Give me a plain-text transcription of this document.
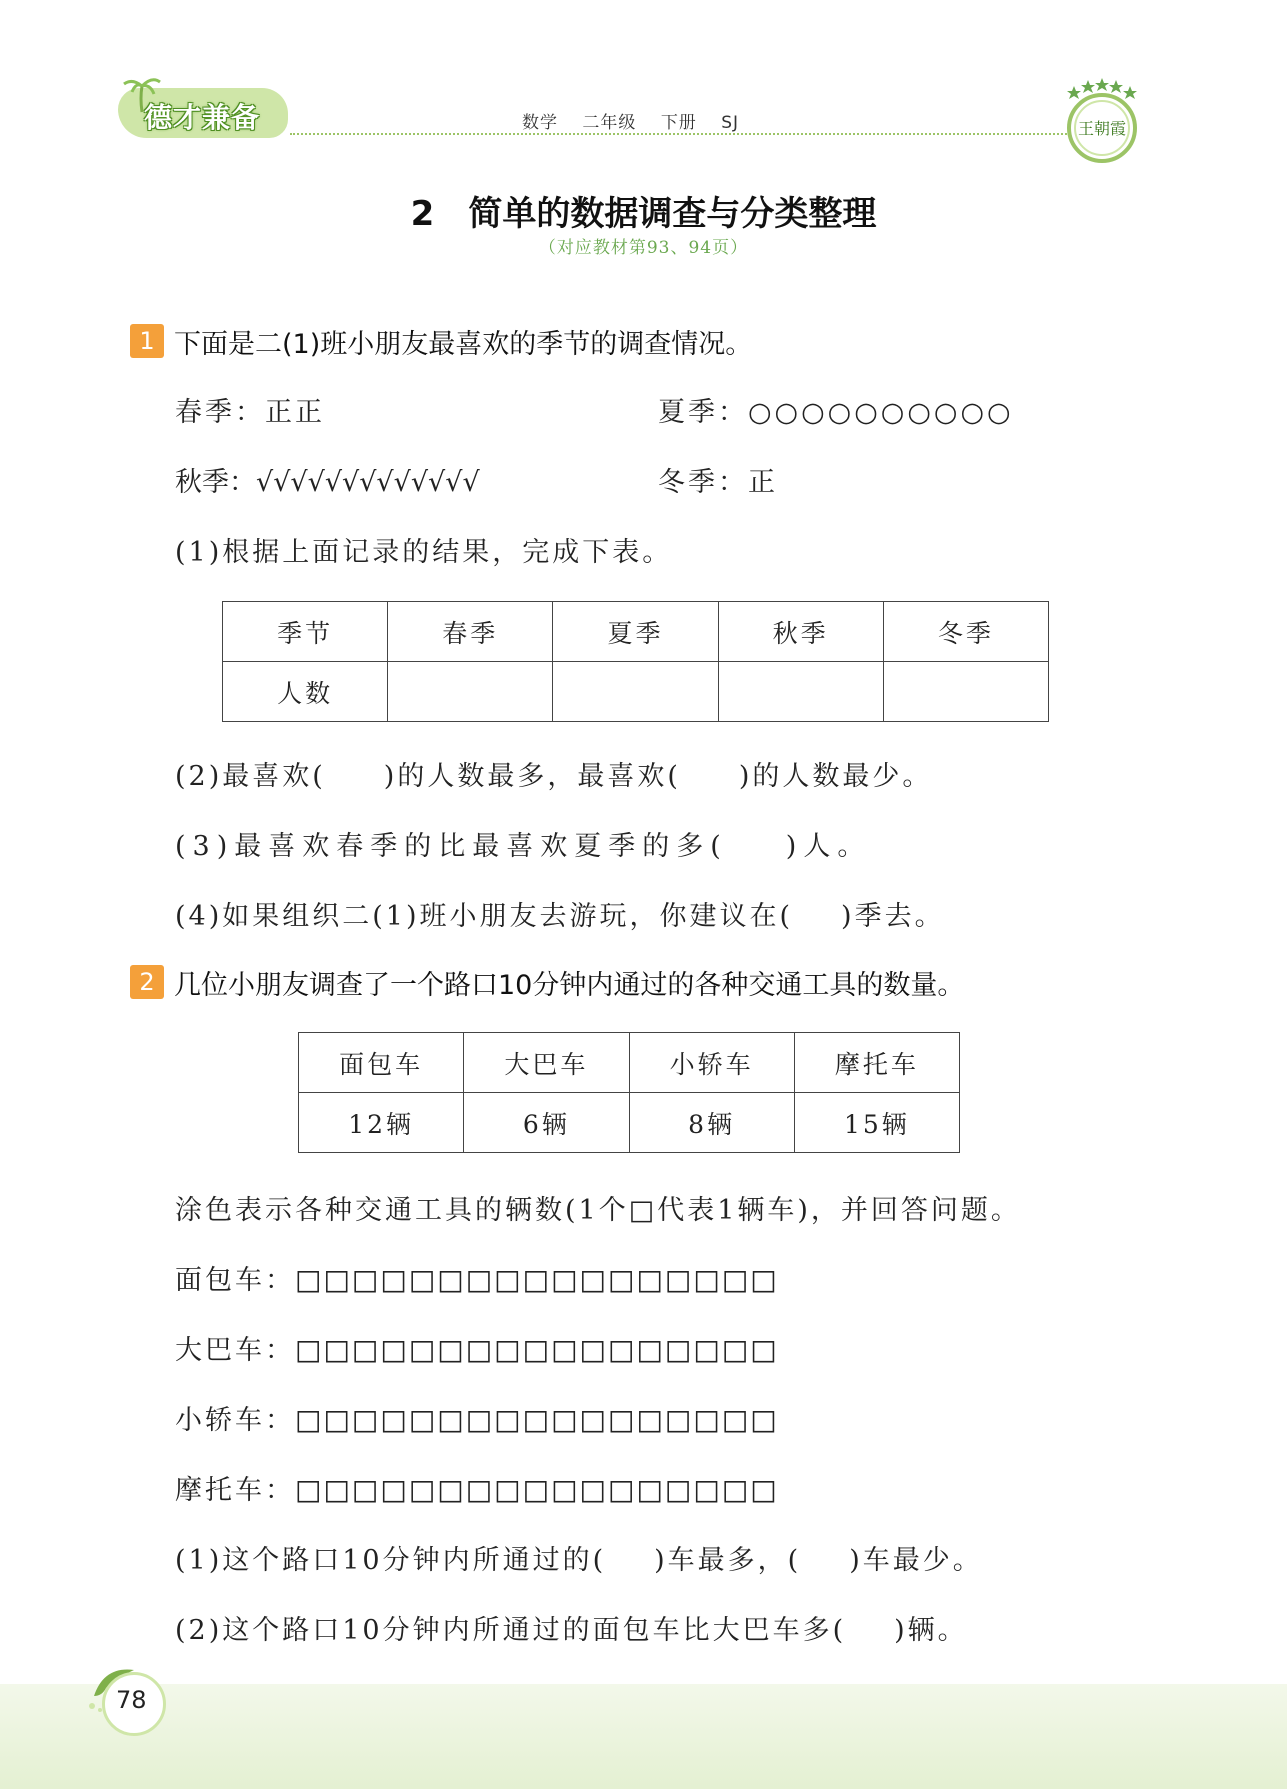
德才兼备	数学 二年级 下册 SJ	王朝霞
2 简单的数据调查与分类整理
（对应教材第93、94页）
1 下面是二(1)班小朋友最喜欢的季节的调查情况。
春季：正正	夏季：○○○○○○○○○○
秋季：√√√√√√√√√√√√√	冬季：正
(1)根据上面记录的结果，完成下表。
季节	春季	夏季	秋季	冬季
人数				
(2)最喜欢( )的人数最多，最喜欢( )的人数最少。
(3)最喜欢春季的比最喜欢夏季的多( )人。
(4)如果组织二(1)班小朋友去游玩，你建议在( )季去。
2 几位小朋友调查了一个路口10分钟内通过的各种交通工具的数量。
面包车	大巴车	小轿车	摩托车
12辆	6辆	8辆	15辆
涂色表示各种交通工具的辆数(1个□代表1辆车)，并回答问题。
面包车：□□□□□□□□□□□□□□□□□
大巴车：□□□□□□□□□□□□□□□□□
小轿车：□□□□□□□□□□□□□□□□□
摩托车：□□□□□□□□□□□□□□□□□
(1)这个路口10分钟内所通过的( )车最多，( )车最少。
(2)这个路口10分钟内所通过的面包车比大巴车多( )辆。
78
